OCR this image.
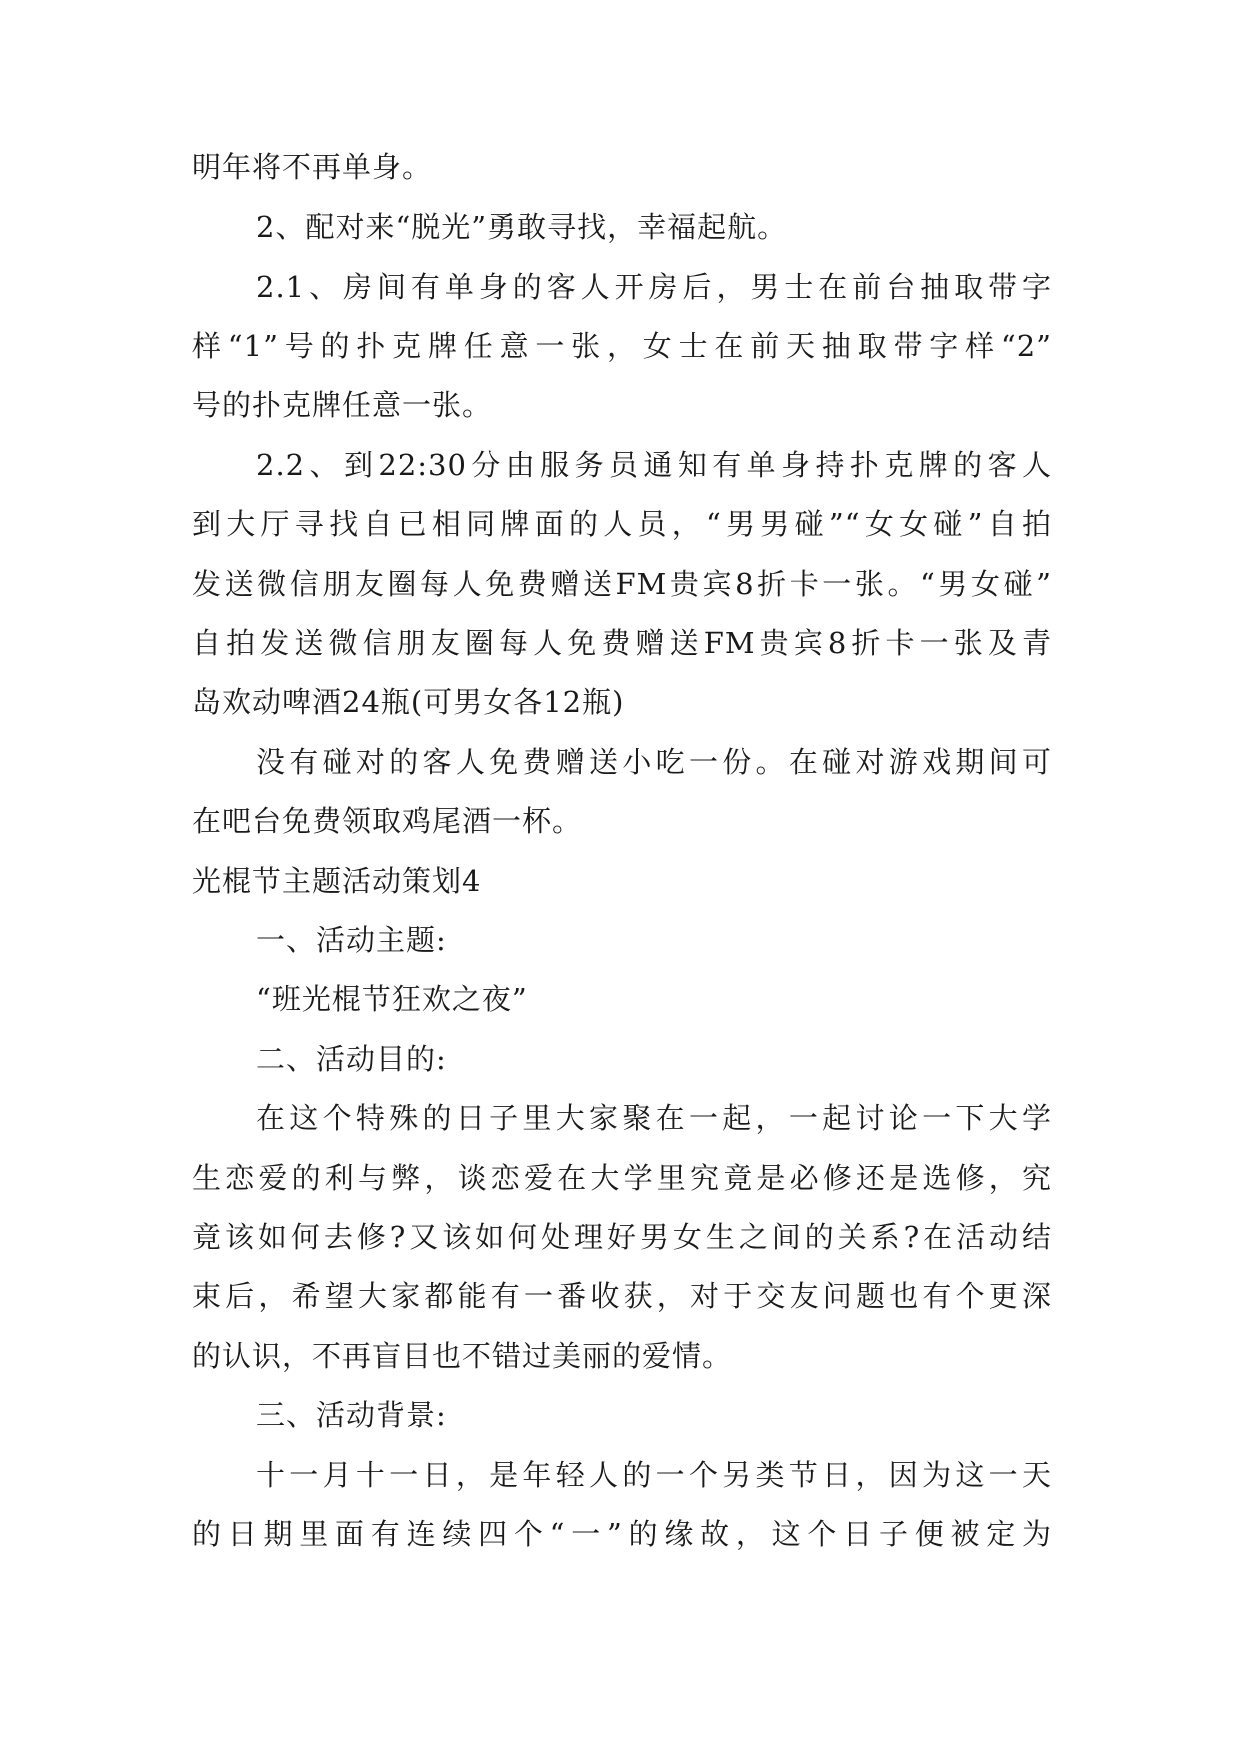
明年将不再单身。
2、配对来“脱光”勇敢寻找，幸福起航。
2.1、房间有单身的客人开房后，男士在前台抽取带字
样“1”号的扑克牌任意一张，女士在前天抽取带字样“2”
号的扑克牌任意一张。
2.2、到22:30分由服务员通知有单身持扑克牌的客人
到大厅寻找自已相同牌面的人员，“男男碰”“女女碰”自拍
发送微信朋友圈每人免费赠送FM贵宾8折卡一张。“男女碰”
自拍发送微信朋友圈每人免费赠送FM贵宾8折卡一张及青
岛欢动啤酒24瓶(可男女各12瓶)
没有碰对的客人免费赠送小吃一份。在碰对游戏期间可
在吧台免费领取鸡尾酒一杯。
光棍节主题活动策划4
一、活动主题:
“班光棍节狂欢之夜”
二、活动目的:
在这个特殊的日子里大家聚在一起，一起讨论一下大学
生恋爱的利与弊，谈恋爱在大学里究竟是必修还是选修，究
竟该如何去修?又该如何处理好男女生之间的关系?在活动结
束后，希望大家都能有一番收获，对于交友问题也有个更深
的认识，不再盲目也不错过美丽的爱情。
三、活动背景:
十一月十一日，是年轻人的一个另类节日，因为这一天
的日期里面有连续四个“一”的缘故，这个日子便被定为
